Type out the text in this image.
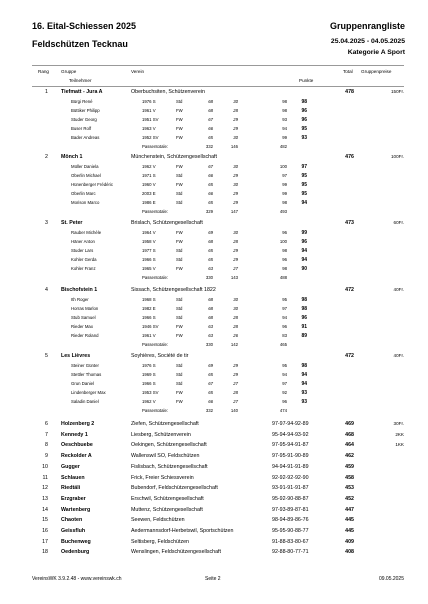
16. Eital-Schiessen 2025
Feldschützen Tecknau
Gruppenrangliste
25.04.2025 - 04.05.2025
Kategorie A Sport
Rang	Gruppe	Verein
Teilnehmer	Punkte
Total Gruppenpreise
1 Tiefmatt - Jura A	Oberbuchsiten, Schützenverein	478	150Fr.
Bürgi René	1976 S	Std	68	30	98	98
Büttiker Philipp	1961 V	FW	68	28	98	96
Studer Georg	1951 SV	FW	67	29	93	96
Buser Rolf	1963 V	FW	66	29	94	95
Bader Andreas	1952 SV	FW	65	30	99	93
Passentotale:	332	146	482
2 Mönch 1	Münchenstein, Schützengesellschaft	476	100Fr.
Müller Daniela	1962 V	FW	67	30	100	97
Oberlin Michael	1971 S	Std	66	29	97	95
Hünenberger Frédéric	1960 V	FW	65	30	99	95
Oberlin Marc	2003 E	Std	66	29	99	95
Morison Marco	1986 E	Std	65	29	98	94
Passentotale:	329	147	493
3 St. Peter	Brislach, Schützengesellschaft	473	60Fr.
Rauber Michèle	1964 V	FW	69	30	96	99
Häner Anton	1958 V	FW	68	28	100	96
Studer Lars	1977 S	Std	65	29	98	94
Kohler Gerda	1966 S	Std	65	29	96	94
Kohler Franz	1965 V	FW	63	27	98	90
Passentotale:	330	143	488
4 Bischofstein 1	Sissach, Schützengesellschaft 1822	472	40Fr.
Ith Roger	1968 S	Std	68	30	95	98
Horras Marlon	1982 E	Std	68	30	97	98
Stub Samuel	1966 S	Std	68	28	94	96
Rieder Max	1946 SV	FW	63	28	96	91
Rieder Roland	1961 V	FW	63	26	83	89
Passentotale:	330	142	465
5 Les Lièvres	Soyhières, Société de tir	472	40Fr.
Steiner Günter	1976 S	Std	69	29	95	98
Stettler Thomas	1969 S	Std	65	29	94	94
Grun Daniel	1966 S	Std	67	27	97	94
Lindenberger Max	1953 SV	FW	65	28	92	93
Saladin Daniel	1962 V	FW	66	27	96	93
Passentotale:	332	140	474
6 Holzenberg 2	Ziefen, Schützengesellschaft	97-97-94-92-89	469	30Fr.
7 Kennedy 1	Liesberg, Schützenverein	95-94-94-93-92	468	2KK
8 Oeschbuebe	Oekingen, Schützengesellschaft	97-95-94-91-87	464	1KK
9 Reckolder A	Wallenswil SO, Feldschützen	97-95-91-90-89	462
10 Gugger	Fislisbach, Schützengesellschaft	94-94-91-91-89	459
11 Schlauen	Frick, Freier Schiessverein	92-92-92-92-90	458
12 Riedtäli	Bubendorf, Feldschützengesellschaft	93-91-91-91-87	453
13 Erzgraber	Erschwil, Schützengesellschaft	95-92-90-88-87	452
14 Wartenberg	Muttenz, Schützengesellschaft	97-93-89-87-81	447
15 Chaoten	Seewen, Feldschützen	98-94-89-86-76	445
16 Geissfluh	Aedermannsdorf-Herbetswil, Sportschützen	95-95-90-88-77	445
17 Buchenweg	Seltisberg, Feldschützen	91-88-83-80-67	409
18 Oedenburg	Wenslingen, Feldschützengesellschaft	92-88-80-77-71	408
VereinsWK 3.9.2.48 - www.vereinswk.ch	Seite 2	09.05.2025
